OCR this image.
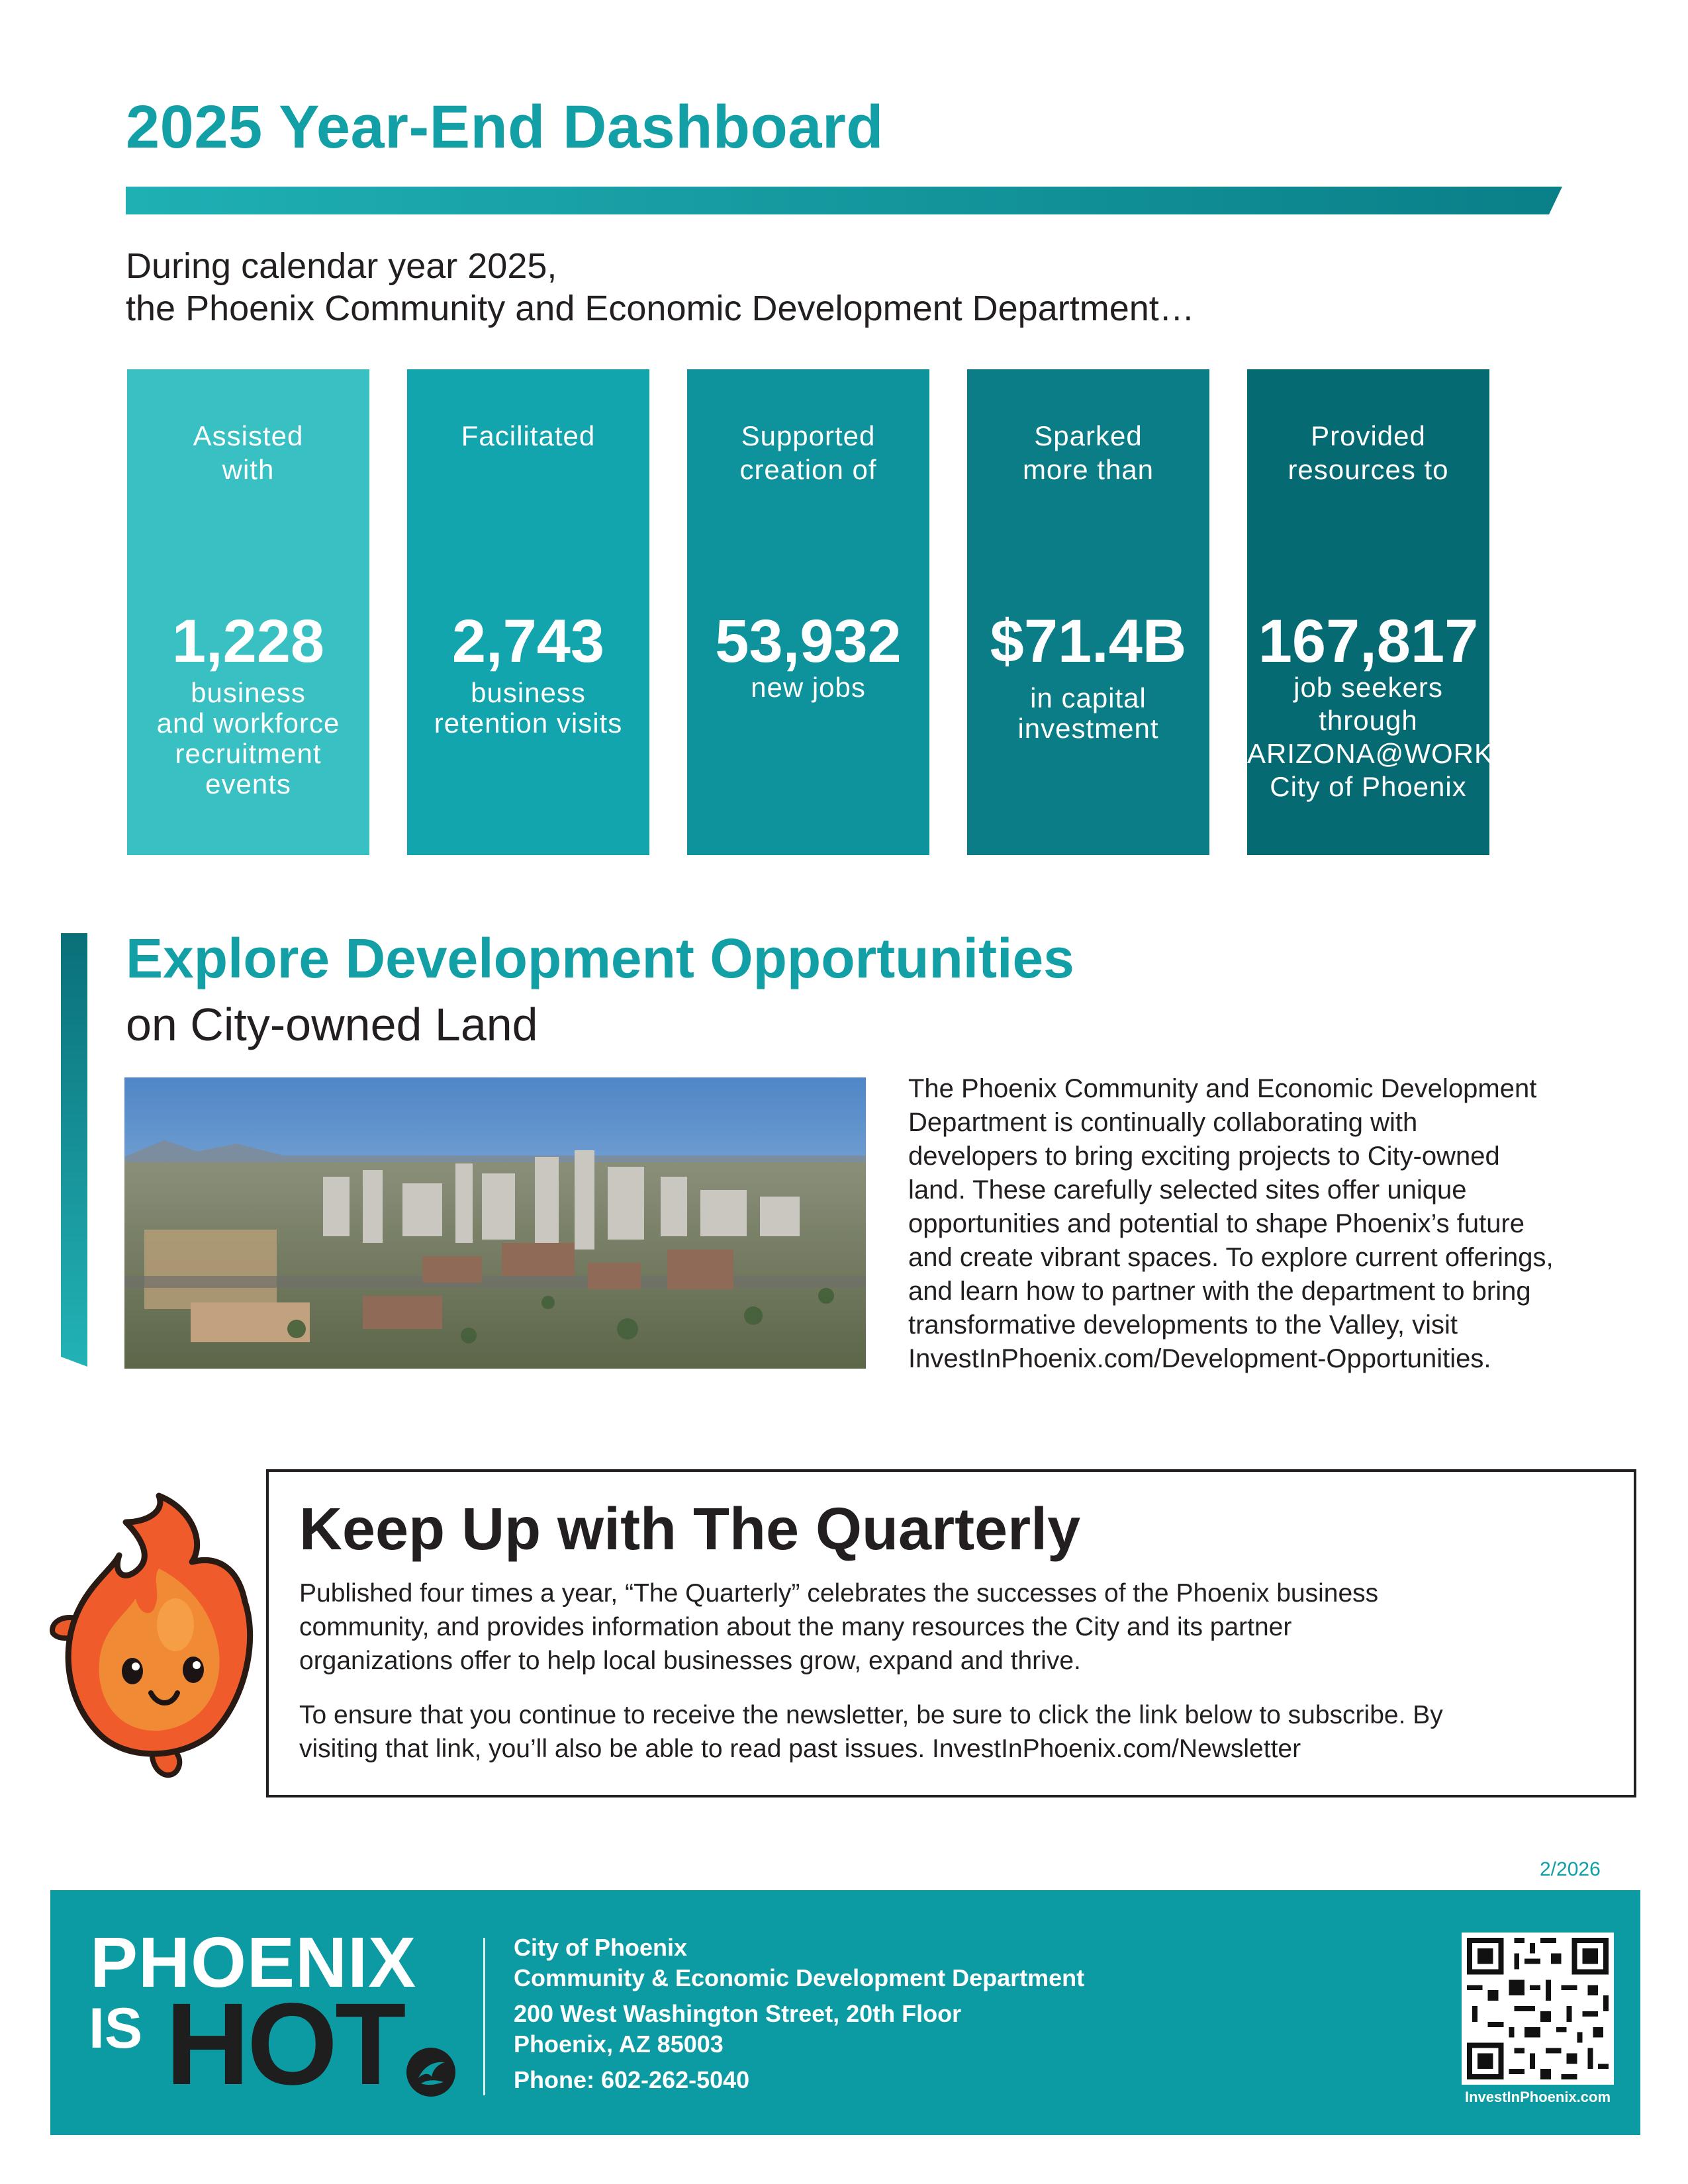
2025 Year-End Dashboard
During calendar year 2025,
the Phoenix Community and Economic Development Department…
Assisted
with
1,228
business
and workforce
recruitment
events
Facilitated
2,743
business
retention visits
Supported
creation of
53,932
new jobs
Sparked
more than
$71.4B
in capital
investment
Provided
resources to
167,817
job seekers
through
ARIZONA@WORK
City of Phoenix
Explore Development Opportunities
on City-owned Land
The Phoenix Community and Economic Development
Department is continually collaborating with
developers to bring exciting projects to City-owned
land. These carefully selected sites offer unique
opportunities and potential to shape Phoenix’s future
and create vibrant spaces. To explore current offerings,
and learn how to partner with the department to bring
transformative developments to the Valley, visit
InvestInPhoenix.com/Development-Opportunities.
Keep Up with The Quarterly
Published four times a year, “The Quarterly” celebrates the successes of the Phoenix business
community, and provides information about the many resources the City and its partner
organizations offer to help local businesses grow, expand and thrive.
To ensure that you continue to receive the newsletter, be sure to click the link below to subscribe. By
visiting that link, you’ll also be able to read past issues. InvestInPhoenix.com/Newsletter
2/2026
PHOENIX
IS HOT
City of Phoenix
Community & Economic Development Department
200 West Washington Street, 20th Floor
Phoenix, AZ 85003
Phone: 602-262-5040
InvestInPhoenix.com
